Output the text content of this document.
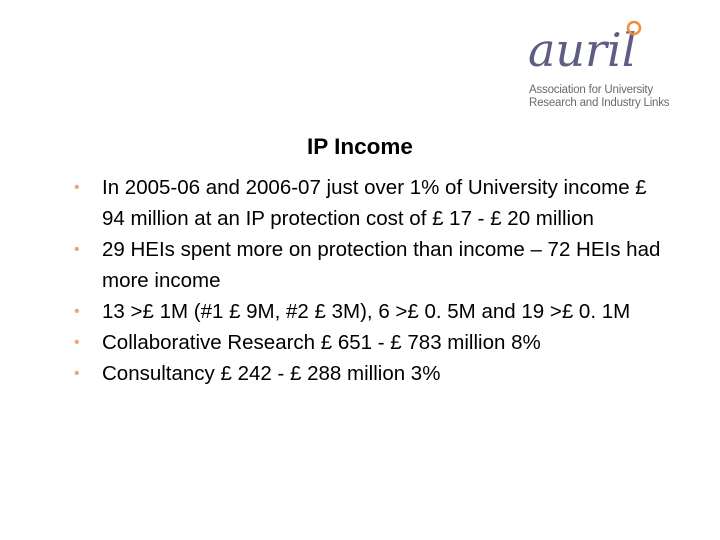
auril
Association for University
Research and Industry Links
IP Income
• In 2005-06 and 2006-07 just over 1% of University income £ 94 million at an IP protection cost of £ 17 - £ 20 million
• 29 HEIs spent more on protection than income – 72 HEIs had more income
• 13 >£ 1M (#1 £ 9M, #2 £ 3M), 6 >£ 0. 5M and 19 >£ 0. 1M
• Collaborative Research £ 651 - £ 783 million 8%
• Consultancy £ 242 - £ 288 million 3%
